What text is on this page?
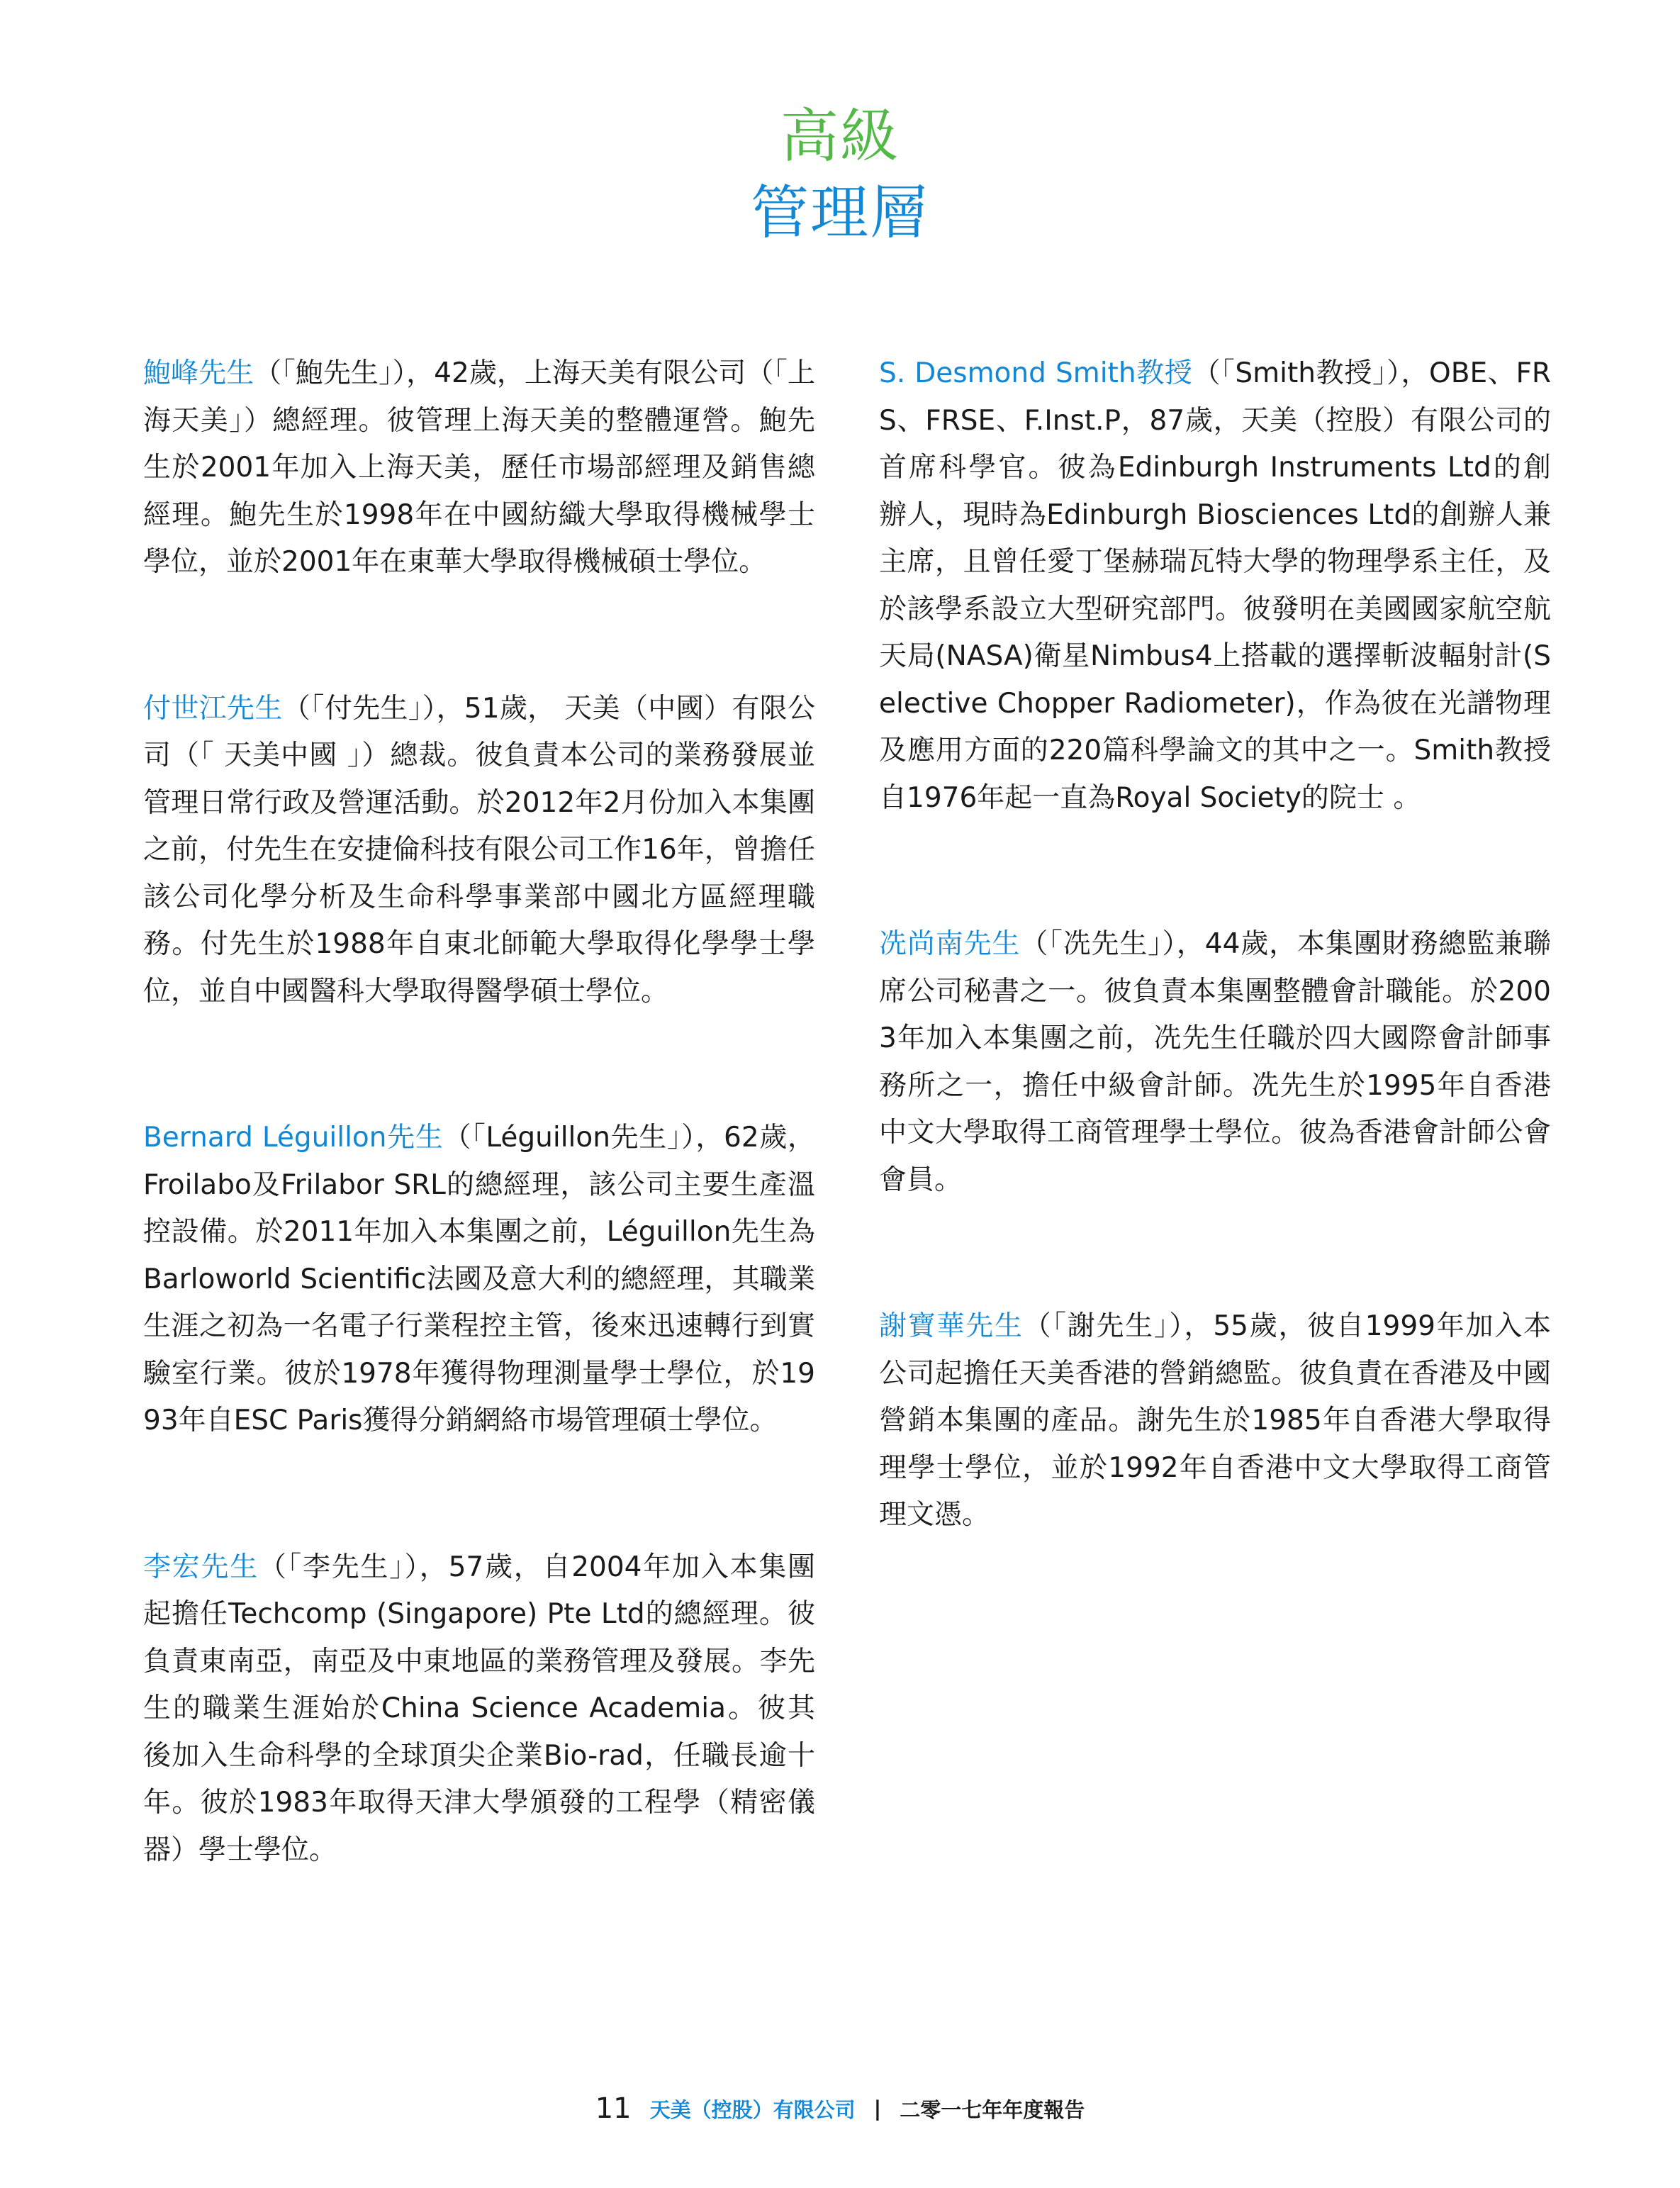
高級
管理層

鮑峰先生（「鮑先生」），42歲，上海天美有限公司（「上海天美」）總經理。彼管理上海天美的整體運營。鮑先生於2001年加入上海天美，歷任市場部經理及銷售總經理。鮑先生於1998年在中國紡織大學取得機械學士學位，並於2001年在東華大學取得機械碩士學位。

付世江先生（「付先生」），51歲， 天美（中國）有限公司（「 天美中國 」）總裁。彼負責本公司的業務發展並管理日常行政及營運活動。於2012年2月份加入本集團之前，付先生在安捷倫科技有限公司工作16年，曾擔任該公司化學分析及生命科學事業部中國北方區經理職務。付先生於1988年自東北師範大學取得化學學士學位，並自中國醫科大學取得醫學碩士學位。

Bernard Léguillon先生（「Léguillon先生」），62歲，Froilabo及Frilabor SRL的總經理，該公司主要生產溫控設備。於2011年加入本集團之前，Léguillon先生為Barloworld Scientific法國及意大利的總經理，其職業生涯之初為一名電子行業程控主管，後來迅速轉行到實驗室行業。彼於1978年獲得物理測量學士學位，於1993年自ESC Paris獲得分銷網絡市場管理碩士學位。

李宏先生（「李先生」），57歲，自2004年加入本集團起擔任Techcomp (Singapore) Pte Ltd的總經理。彼負責東南亞，南亞及中東地區的業務管理及發展。李先生的職業生涯始於China Science Academia。彼其後加入生命科學的全球頂尖企業Bio-rad，任職長逾十年。彼於1983年取得天津大學頒發的工程學（精密儀器）學士學位。

S. Desmond Smith教授（「Smith教授」），OBE、FRS、FRSE、F.Inst.P，87歲，天美（控股）有限公司的首席科學官。彼為Edinburgh Instruments Ltd的創辦人，現時為Edinburgh Biosciences Ltd的創辦人兼主席，且曾任愛丁堡赫瑞瓦特大學的物理學系主任，及於該學系設立大型研究部門。彼發明在美國國家航空航天局(NASA)衛星Nimbus4上搭載的選擇斬波輻射計(Selective Chopper Radiometer)，作為彼在光譜物理及應用方面的220篇科學論文的其中之一。Smith教授自1976年起一直為Royal Society的院士 。

冼尚南先生（「冼先生」），44歲，本集團財務總監兼聯席公司秘書之一。彼負責本集團整體會計職能。於2003年加入本集團之前，冼先生任職於四大國際會計師事務所之一，擔任中級會計師。冼先生於1995年自香港中文大學取得工商管理學士學位。彼為香港會計師公會會員。

謝寶華先生（「謝先生」），55歲，彼自1999年加入本公司起擔任天美香港的營銷總監。彼負責在香港及中國營銷本集團的產品。謝先生於1985年自香港大學取得理學士學位，並於1992年自香港中文大學取得工商管理文憑。

11 天美（控股）有限公司 | 二零一七年年度報告
